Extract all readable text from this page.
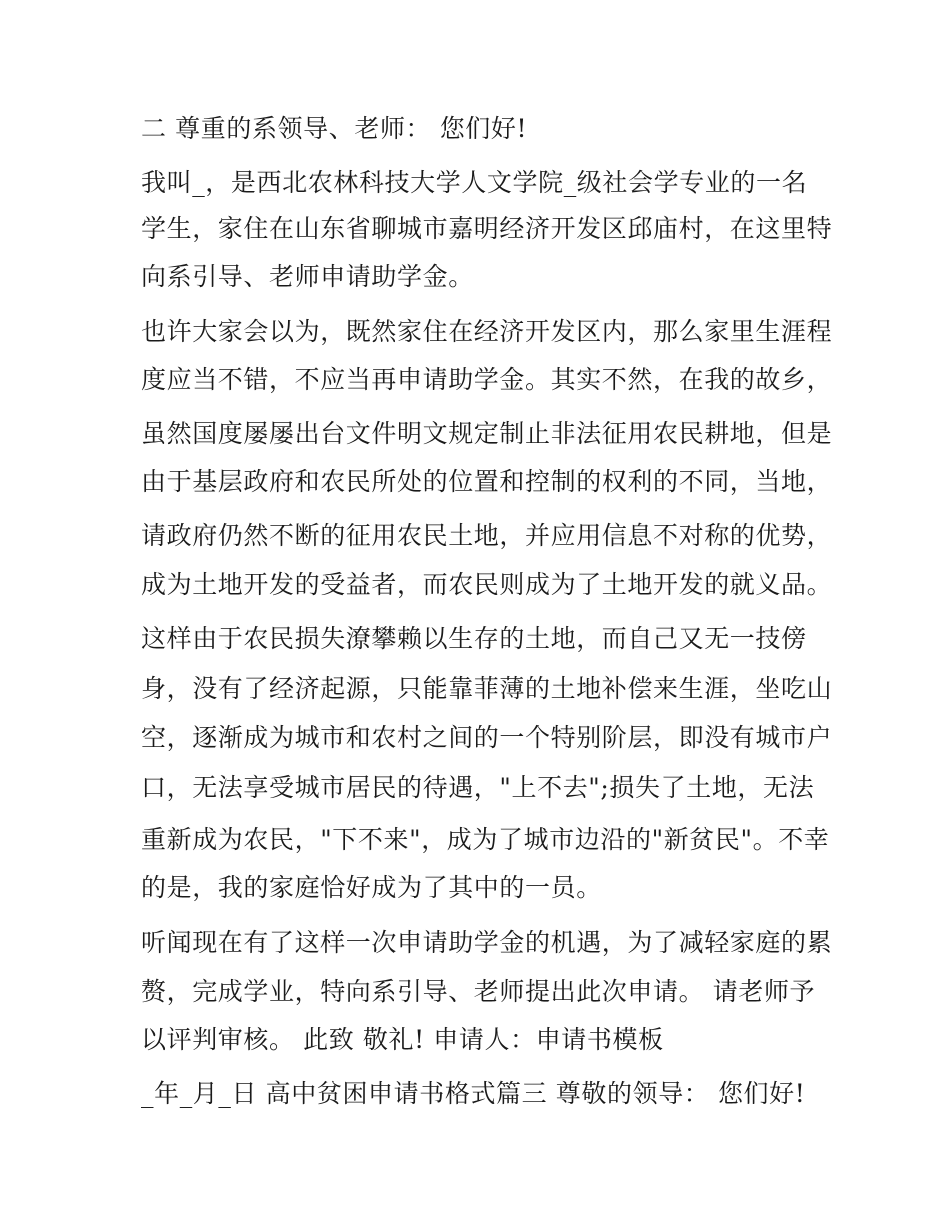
二 尊重的系领导、老师： 您们好!
我叫_，是西北农林科技大学人文学院_级社会学专业的一名
学生，家住在山东省聊城市嘉明经济开发区邱庙村，在这里特
向系引导、老师申请助学金。
也许大家会以为，既然家住在经济开发区内，那么家里生涯程
度应当不错，不应当再申请助学金。其实不然，在我的故乡，
虽然国度屡屡出台文件明文规定制止非法征用农民耕地，但是
由于基层政府和农民所处的位置和控制的权利的不同，当地，
请政府仍然不断的征用农民土地，并应用信息不对称的优势，
成为土地开发的受益者，而农民则成为了土地开发的就义品。
这样由于农民损失潦攀赖以生存的土地，而自己又无一技傍
身，没有了经济起源，只能靠菲薄的土地补偿来生涯，坐吃山
空，逐渐成为城市和农村之间的一个特别阶层，即没有城市户
口，无法享受城市居民的待遇，"上不去";损失了土地，无法
重新成为农民，"下不来"，成为了城市边沿的"新贫民"。不幸
的是，我的家庭恰好成为了其中的一员。
听闻现在有了这样一次申请助学金的机遇，为了减轻家庭的累
赘，完成学业，特向系引导、老师提出此次申请。 请老师予
以评判审核。 此致 敬礼! 申请人：申请书模板
_年_月_日 高中贫困申请书格式篇三 尊敬的领导： 您们好!
